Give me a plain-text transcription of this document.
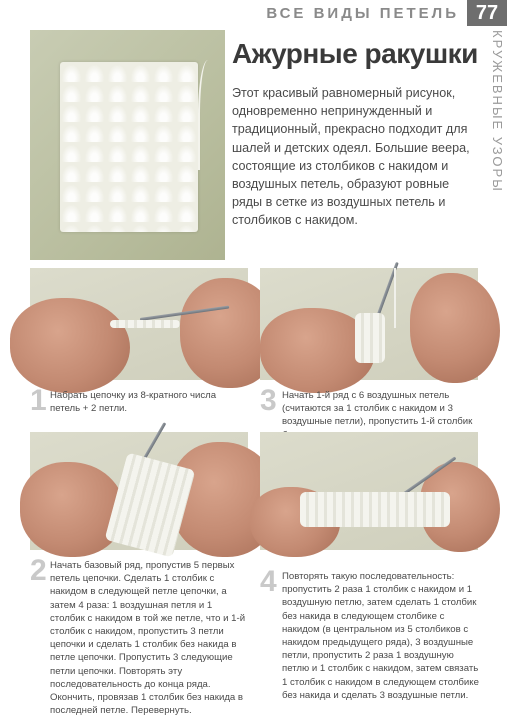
ВСЕ ВИДЫ ПЕТЕЛЬ 77
КРУЖЕВНЫЕ УЗОРЫ
Ажурные ракушки

Этот красивый равномерный рисунок, одновременно непринужденный и традиционный, прекрасно подходит для шалей и детских одеял. Большие веера, состоящие из столбиков с накидом и воздушных петель, образуют ровные ряды в сетке из воздушных петель и столбиков с накидом.

1 Набрать цепочку из 8-кратного числа петель + 2 петли.	3 Начать 1-й ряд с 6 воздушных петель (считаются за 1 столбик с накидом и 3 воздушные петли), пропустить 1-й столбик
2 Начать базовый ряд, пропустив 5 первых петель цепочки. Сделать 1 столбик с накидом в следующей петле цепочки, а затем 4 раза: 1 воздушная петля и 1 столбик с накидом в той же петле, что и 1-й столбик с накидом, пропустить 3 петли цепочки и сделать 1 столбик без накида в петле цепочки. Пропустить 3 следующие петли цепочки. Повторять эту последовательность до конца ряда. Окончить, провязав 1 столбик без накида в последней петле. Перевернуть.
4 Повторять такую последовательность: пропустить 2 раза 1 столбик с накидом и 1 воздушную петлю, затем сделать 1 столбик без накида в следующем столбике с накидом (в центральном из 5 столбиков с накидом предыдущего ряда), 3 воздушные петли, пропустить 2 раза 1 воздушную петлю и 1 столбик с накидом, затем связать 1 столбик с накидом в следующем столбике без накида и сделать 3 воздушные петли.
